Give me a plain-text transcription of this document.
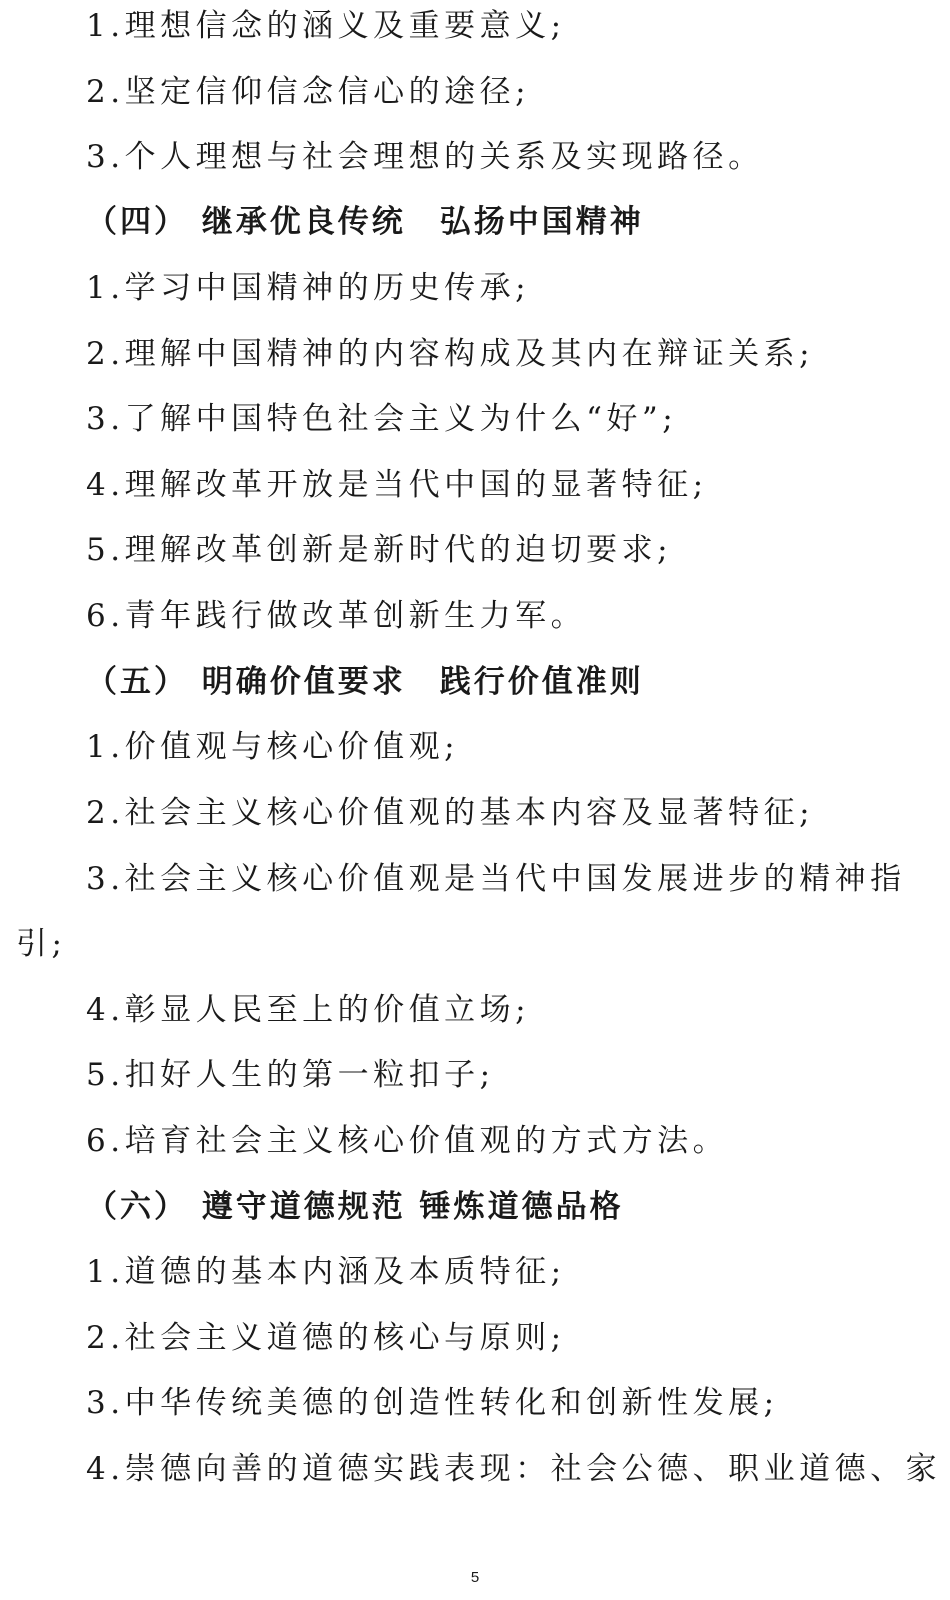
1.理想信念的涵义及重要意义;
2.坚定信仰信念信心的途径;
3.个人理想与社会理想的关系及实现路径。
（四） 继承优良传统　弘扬中国精神
1.学习中国精神的历史传承;
2.理解中国精神的内容构成及其内在辩证关系;
3.了解中国特色社会主义为什么“好”;
4.理解改革开放是当代中国的显著特征;
5.理解改革创新是新时代的迫切要求;
6.青年践行做改革创新生力军。
（五） 明确价值要求　践行价值准则
1.价值观与核心价值观;
2.社会主义核心价值观的基本内容及显著特征;
3.社会主义核心价值观是当代中国发展进步的精神指
引;
4.彰显人民至上的价值立场;
5.扣好人生的第一粒扣子;
6.培育社会主义核心价值观的方式方法。
（六） 遵守道德规范 锤炼道德品格
1.道德的基本内涵及本质特征;
2.社会主义道德的核心与原则;
3.中华传统美德的创造性转化和创新性发展;
4.崇德向善的道德实践表现：社会公德、职业道德、家
5
